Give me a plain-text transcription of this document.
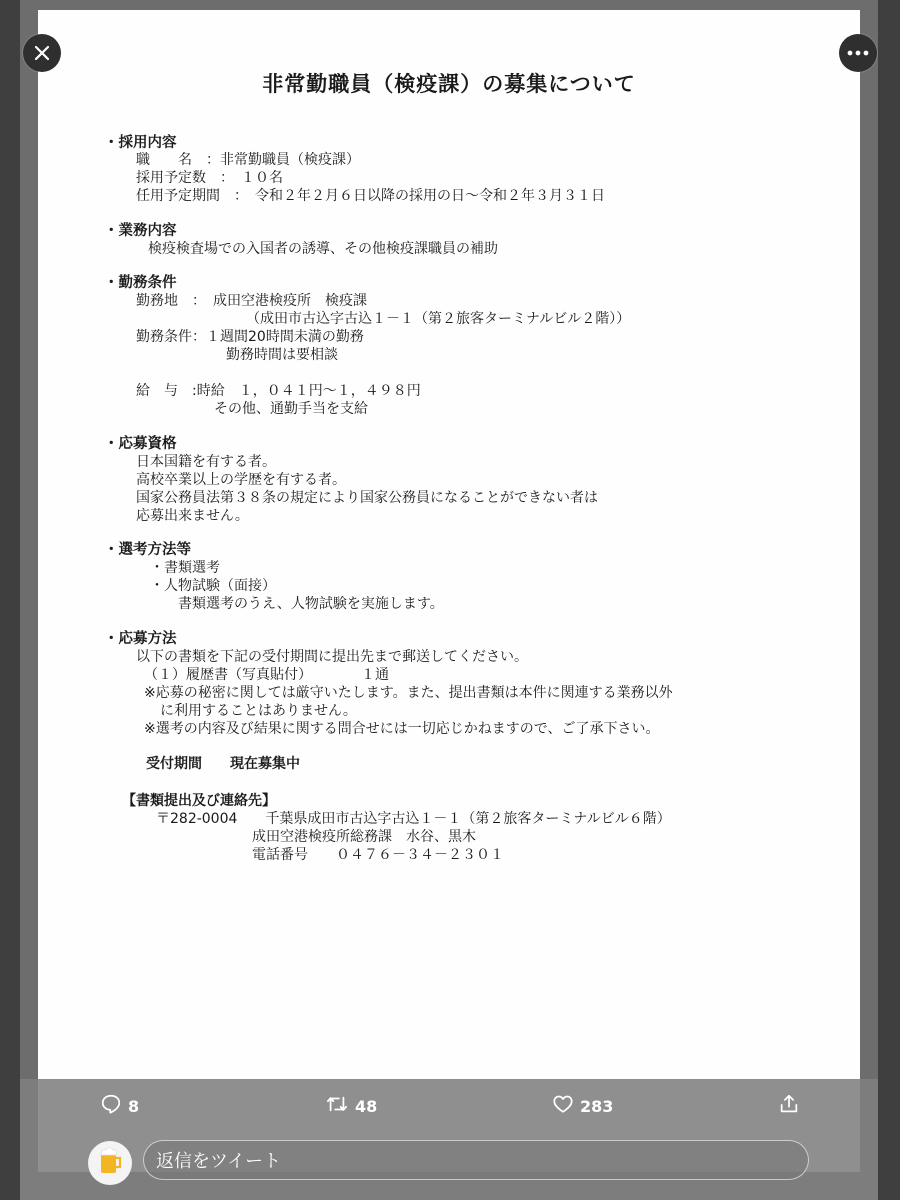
非常勤職員（検疫課）の募集について
・採用内容
職　　名　：非常勤職員（検疫課）
採用予定数　：　１０名
任用予定期間　：　令和２年２月６日以降の採用の日～令和２年３月３１日
・業務内容
検疫検査場での入国者の誘導、その他検疫課職員の補助
・勤務条件
勤務地　：　成田空港検疫所　検疫課
（成田市古込字古込１－１（第２旅客ターミナルビル２階））
勤務条件：１週間20時間未満の勤務
勤務時間は要相談
給　与　:時給　１，０４１円～１，４９８円
その他、通勤手当を支給
・応募資格
日本国籍を有する者。
高校卒業以上の学歴を有する者。
国家公務員法第３８条の規定により国家公務員になることができない者は
応募出来ません。
・選考方法等
・書類選考
・人物試験（面接）
書類選考のうえ、人物試験を実施します。
・応募方法
以下の書類を下記の受付期間に提出先まで郵送してください。
（１）履歴書（写真貼付）　　　　１通
※応募の秘密に関しては厳守いたします。また、提出書類は本件に関連する業務以外
に利用することはありません。
※選考の内容及び結果に関する問合せには一切応じかねますので、ご了承下さい。
受付期間　　現在募集中
【書類提出及び連絡先】
〒282-0004　　千葉県成田市古込字古込１－１（第２旅客ターミナルビル６階）
成田空港検疫所総務課　水谷、黒木
電話番号　　０４７６－３４－２３０１
8	48	283
返信をツイート
